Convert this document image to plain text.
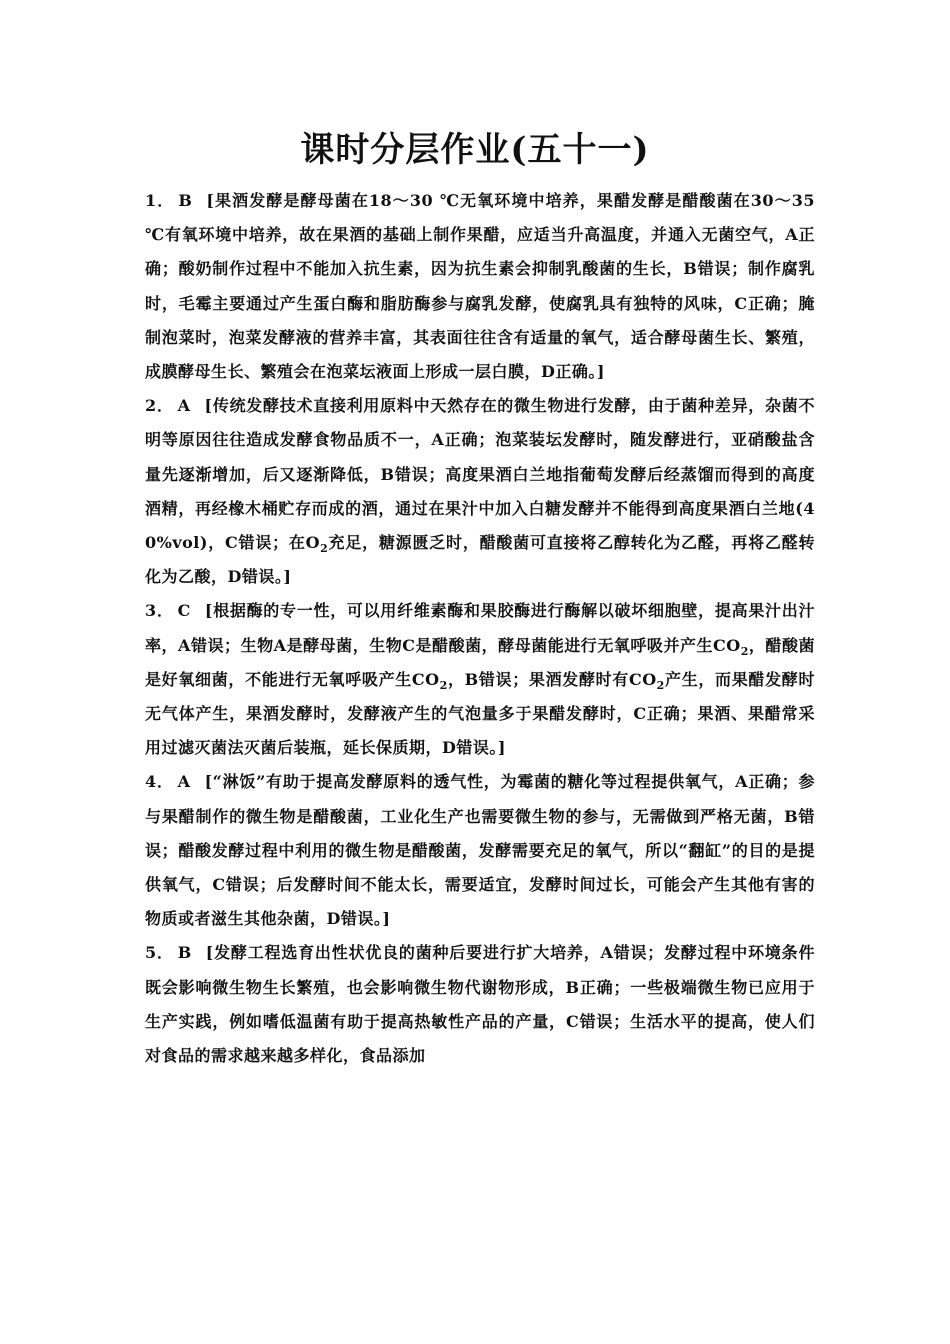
课时分层作业(五十一)

1． B [果酒发酵是酵母菌在18～30 ℃无氧环境中培养，果醋发酵是醋酸菌在30～35 ℃有氧环境中培养，故在果酒的基础上制作果醋，应适当升高温度，并通入无菌空气，A正确；酸奶制作过程中不能加入抗生素，因为抗生素会抑制乳酸菌的生长，B错误；制作腐乳时，毛霉主要通过产生蛋白酶和脂肪酶参与腐乳发酵，使腐乳具有独特的风味，C正确；腌制泡菜时，泡菜发酵液的营养丰富，其表面往往含有适量的氧气，适合酵母菌生长、繁殖，成膜酵母生长、繁殖会在泡菜坛液面上形成一层白膜，D正确。]

2． A [传统发酵技术直接利用原料中天然存在的微生物进行发酵，由于菌种差异，杂菌不明等原因往往造成发酵食物品质不一，A正确；泡菜装坛发酵时，随发酵进行，亚硝酸盐含量先逐渐增加，后又逐渐降低，B错误；高度果酒白兰地指葡萄发酵后经蒸馏而得到的高度酒精，再经橡木桶贮存而成的酒，通过在果汁中加入白糖发酵并不能得到高度果酒白兰地(40%vol)，C错误；在$O_2$充足，糖源匮乏时，醋酸菌可直接将乙醇转化为乙醛，再将乙醛转化为乙酸，D错误。]

3． C [根据酶的专一性，可以用纤维素酶和果胶酶进行酶解以破坏细胞壁，提高果汁出汁率，A错误；生物A是酵母菌，生物C是醋酸菌，酵母菌能进行无氧呼吸并产生$CO_2$，醋酸菌是好氧细菌，不能进行无氧呼吸产生$CO_2$，B错误；果酒发酵时有$CO_2$产生，而果醋发酵时无气体产生，果酒发酵时，发酵液产生的气泡量多于果醋发酵时，C正确；果酒、果醋常采用过滤灭菌法灭菌后装瓶，延长保质期，D错误。]

4． A [“淋饭”有助于提高发酵原料的透气性，为霉菌的糖化等过程提供氧气，A正确；参与果醋制作的微生物是醋酸菌，工业化生产也需要微生物的参与，无需做到严格无菌，B错误；醋酸发酵过程中利用的微生物是醋酸菌，发酵需要充足的氧气，所以“翻缸”的目的是提供氧气，C错误；后发酵时间不能太长，需要适宜，发酵时间过长，可能会产生其他有害的物质或者滋生其他杂菌，D错误。]

5． B [发酵工程选育出性状优良的菌种后要进行扩大培养，A错误；发酵过程中环境条件既会影响微生物生长繁殖，也会影响微生物代谢物形成，B正确；一些极端微生物已应用于生产实践，例如嗜低温菌有助于提高热敏性产品的产量，C错误；生活水平的提高，使人们对食品的需求越来越多样化，食品添加
